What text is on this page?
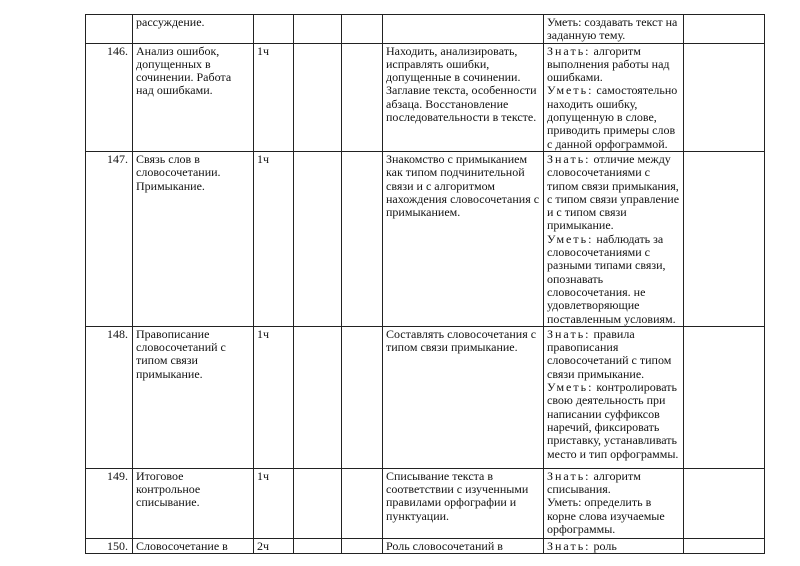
	рассуждение.					Уметь: создавать текст на заданную тему.	

146.	Анализ ошибок, допущенных в сочинении. Работа над ошибками.	1ч			Находить, анализировать, исправлять ошибки, допущенные в сочинении. Заглавие текста, особенности абзаца. Восстановление последовательности в тексте.	Знать: алгоритм выполнения работы над ошибками.
Уметь: самостоятельно находить ошибку, допущенную в слове, приводить примеры слов с данной орфограммой.	

147.	Связь слов в словосочетании. Примыкание.	1ч			Знакомство с примыканием как типом подчинительной связи и с алгоритмом нахождения словосочетания с примыканием.	Знать: отличие между словосочетаниями с типом связи примыкания, с типом связи управление и с типом связи примыкание.
Уметь: наблюдать за словосочетаниями с разными типами связи, опознавать словосочетания. не удовлетворяющие поставленным условиям.	

148.	Правописание словосочетаний с типом связи примыкание.	1ч			Составлять словосочетания с типом связи примыкание.	Знать: правила правописания словосочетаний с типом связи примыкание.
Уметь: контролировать свою деятельность при написании суффиксов наречий, фиксировать приставку, устанавливать место и тип орфограммы.	

149.	Итоговое контрольное списывание.	1ч			Списывание текста в соответствии с изученными правилами орфографии и пунктуации.	Знать: алгоритм списывания.
Уметь: определить в корне слова изучаемые орфограммы.	

150.	Словосочетание в	2ч			Роль словосочетаний в	Знать: роль	
